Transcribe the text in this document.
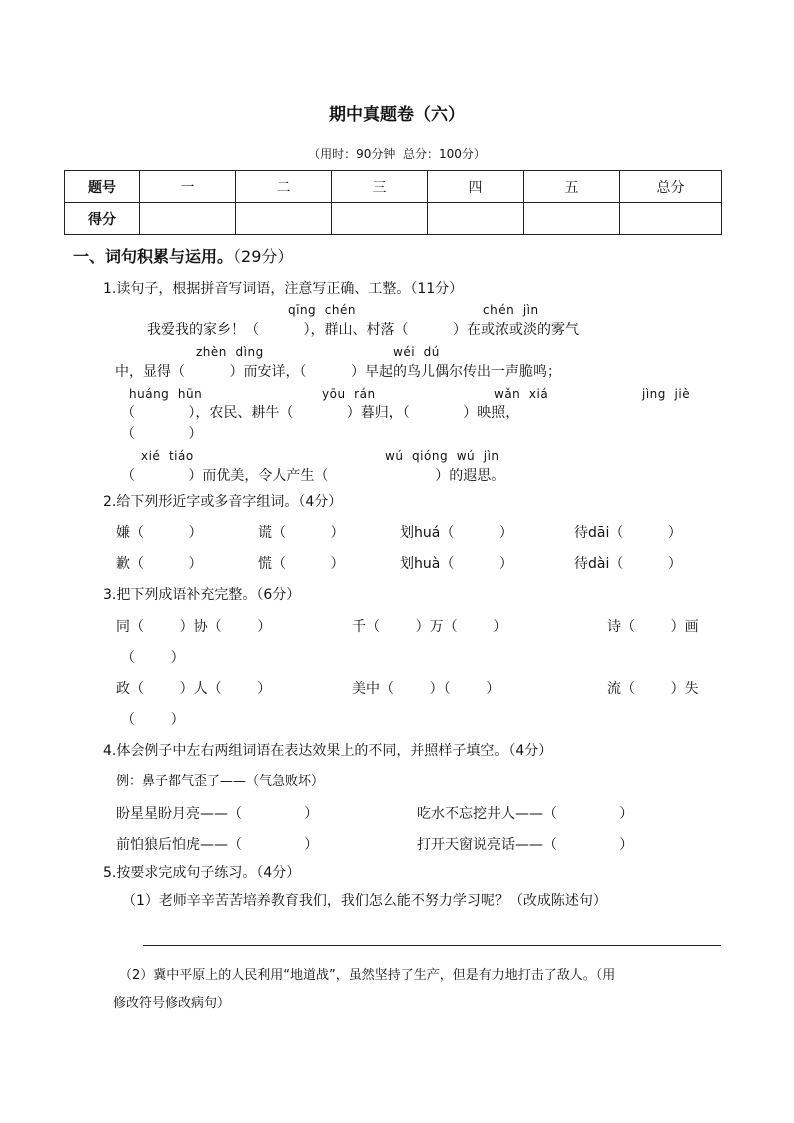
期中真题卷（六）
（用时：90分钟  总分：100分）
题号	一	二	三	四	五	总分
得分						
一、词句积累与运用。（29分）
1.读句子，根据拼音写词语，注意写正确、工整。（11分）
qīng  chén	chén  jìn
我爱我的家乡！（          ），群山、村落（          ）在或浓或淡的雾气
zhèn  dìng	wéi  dú
中，显得（          ）而安详，（          ）早起的鸟儿偶尔传出一声脆鸣；
huáng  hūn	yōu  rán	wǎn  xiá	jìng  jiè
（            ），农民、耕牛（            ）暮归，（            ）映照，
（            ）
xié  tiáo	wú  qióng  wú  jìn
（            ）而优美，令人产生（                        ）的遐思。
2.给下列形近字或多音字组词。（4分）
嫌（          ）	谎（          ）	划huá（          ）	待dāi（          ）
歉（          ）	慌（          ）	划huà（          ）	待dài（          ）
3.把下列成语补充完整。（6分）
同（        ）协（        ）	千（        ）万（        ）	诗（        ）画
（        ）
政（        ）人（        ）	美中（        ）（        ）	流（        ）失
（        ）
4.体会例子中左右两组词语在表达效果上的不同，并照样子填空。（4分）
例：鼻子都气歪了——（气急败坏）
盼星星盼月亮——（              ）	吃水不忘挖井人——（              ）
前怕狼后怕虎——（              ）	打开天窗说亮话——（              ）
5.按要求完成句子练习。（4分）
（1）老师辛辛苦苦培养教育我们，我们怎么能不努力学习呢？（改成陈述句）
（2）冀中平原上的人民利用“地道战”，虽然坚持了生产，但是有力地打击了敌人。（用
修改符号修改病句）
